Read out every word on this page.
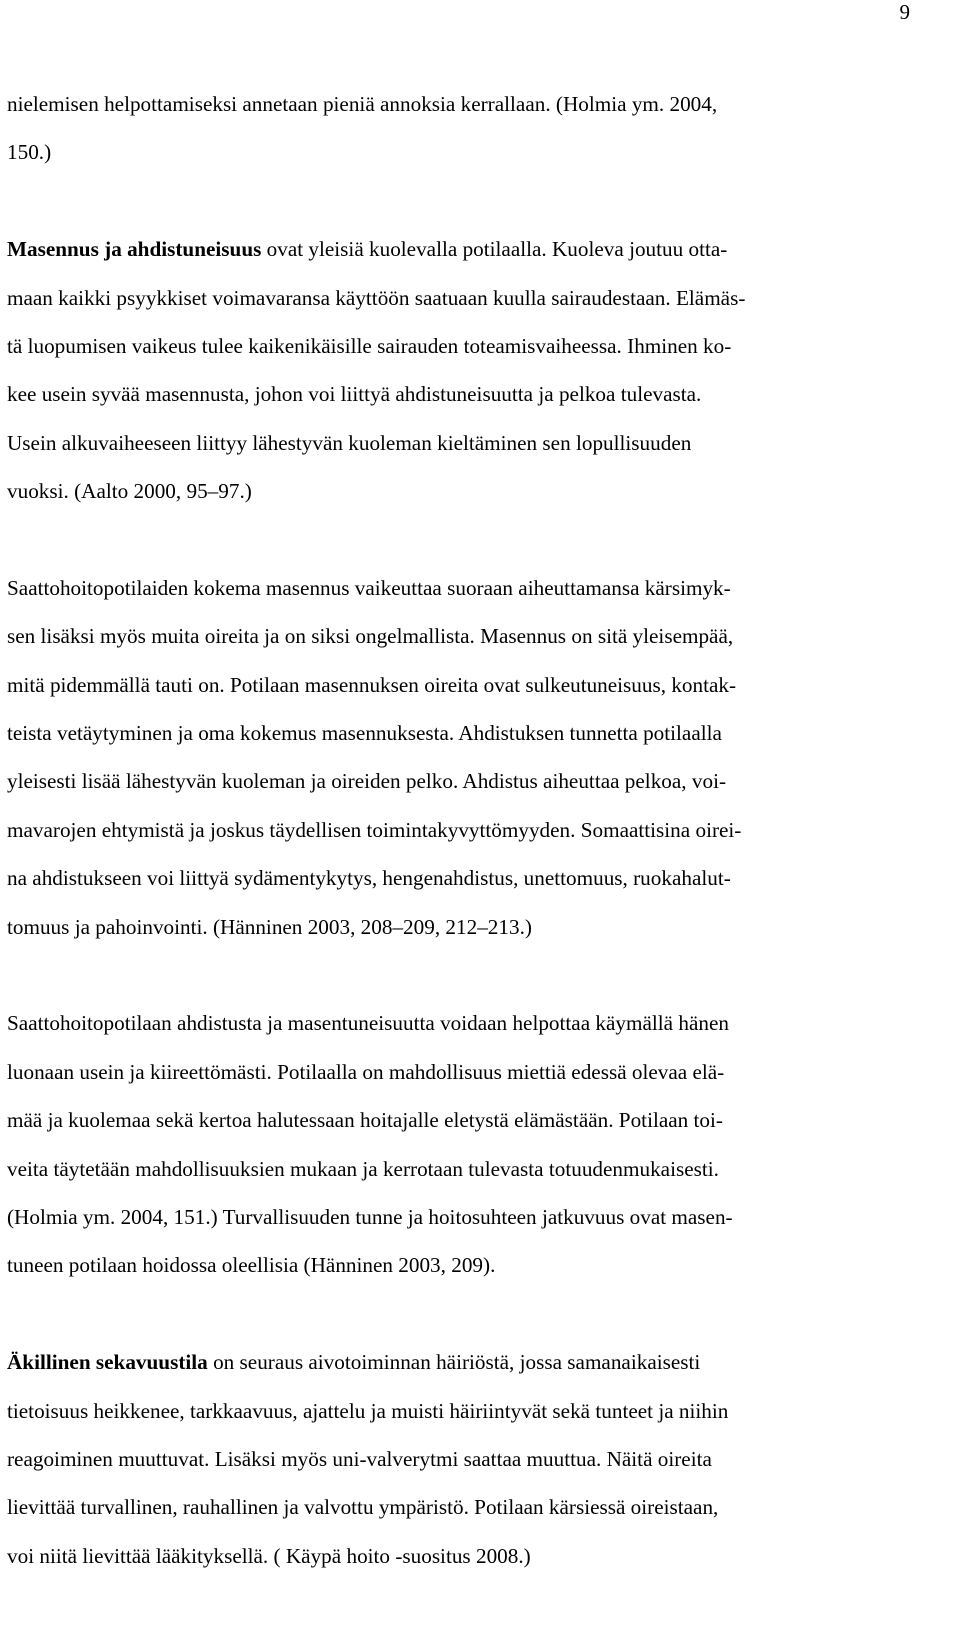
9
nielemisen helpottamiseksi annetaan pieniä annoksia kerrallaan. (Holmia ym. 2004,
150.)
Masennus ja ahdistuneisuus ovat yleisiä kuolevalla potilaalla. Kuoleva joutuu otta-
maan kaikki psyykkiset voimavaransa käyttöön saatuaan kuulla sairaudestaan. Elämäs-
tä luopumisen vaikeus tulee kaikenikäisille sairauden toteamisvaiheessa. Ihminen ko-
kee usein syvää masennusta, johon voi liittyä ahdistuneisuutta ja pelkoa tulevasta.
Usein alkuvaiheeseen liittyy lähestyvän kuoleman kieltäminen sen lopullisuuden
vuoksi. (Aalto 2000, 95–97.)
Saattohoitopotilaiden kokema masennus vaikeuttaa suoraan aiheuttamansa kärsimyk-
sen lisäksi myös muita oireita ja on siksi ongelmallista. Masennus on sitä yleisempää,
mitä pidemmällä tauti on. Potilaan masennuksen oireita ovat sulkeutuneisuus, kontak-
teista vetäytyminen ja oma kokemus masennuksesta. Ahdistuksen tunnetta potilaalla
yleisesti lisää lähestyvän kuoleman ja oireiden pelko. Ahdistus aiheuttaa pelkoa, voi-
mavarojen ehtymistä ja joskus täydellisen toimintakyvyttömyyden. Somaattisina oirei-
na ahdistukseen voi liittyä sydämentykytys, hengenahdistus, unettomuus, ruokahalut-
tomuus ja pahoinvointi. (Hänninen 2003, 208–209, 212–213.)
Saattohoitopotilaan ahdistusta ja masentuneisuutta voidaan helpottaa käymällä hänen
luonaan usein ja kiireettömästi. Potilaalla on mahdollisuus miettiä edessä olevaa elä-
mää ja kuolemaa sekä kertoa halutessaan hoitajalle eletystä elämästään. Potilaan toi-
veita täytetään mahdollisuuksien mukaan ja kerrotaan tulevasta totuudenmukaisesti.
(Holmia ym. 2004, 151.) Turvallisuuden tunne ja hoitosuhteen jatkuvuus ovat masen-
tuneen potilaan hoidossa oleellisia (Hänninen 2003, 209).
Äkillinen sekavuustila on seuraus aivotoiminnan häiriöstä, jossa samanaikaisesti
tietoisuus heikkenee, tarkkaavuus, ajattelu ja muisti häiriintyvät sekä tunteet ja niihin
reagoiminen muuttuvat. Lisäksi myös uni-valverytmi saattaa muuttua. Näitä oireita
lievittää turvallinen, rauhallinen ja valvottu ympäristö. Potilaan kärsiessä oireistaan,
voi niitä lievittää lääkityksellä. ( Käypä hoito -suositus 2008.)
